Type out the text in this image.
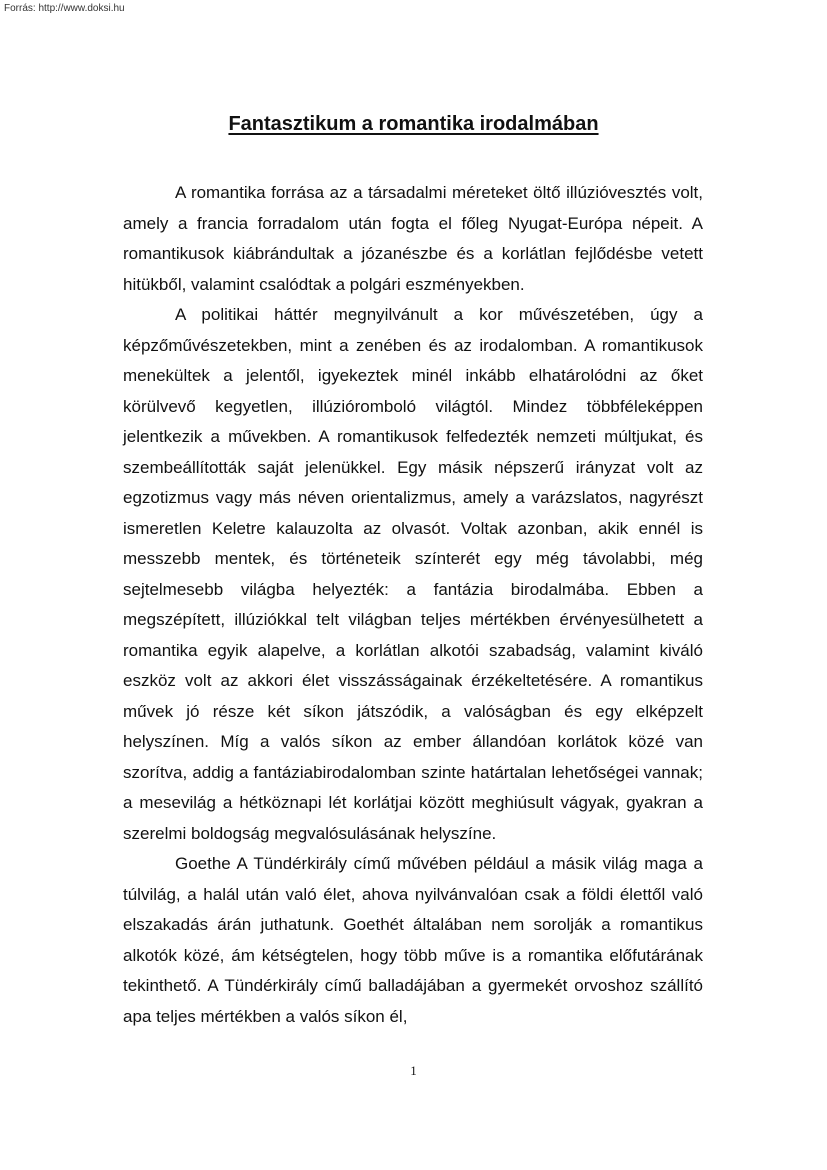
Forrás: http://www.doksi.hu
Fantasztikum a romantika irodalmában

A romantika forrása az a társadalmi méreteket öltő illúzióvesztés volt, amely a francia forradalom után fogta el főleg Nyugat-Európa népeit. A romantikusok kiábrándultak a józanészbe és a korlátlan fejlődésbe vetett hitükből, valamint csalódtak a polgári eszményekben.

A politikai háttér megnyilvánult a kor művészetében, úgy a képzőművészetekben, mint a zenében és az irodalomban. A romantikusok menekültek a jelentől, igyekeztek minél inkább elhatárolódni az őket körülvevő kegyetlen, illúzióromboló világtól. Mindez többféleképpen jelentkezik a művekben. A romantikusok felfedezték nemzeti múltjukat, és szembeállították saját jelenükkel. Egy másik népszerű irányzat volt az egzotizmus vagy más néven orientalizmus, amely a varázslatos, nagyrészt ismeretlen Keletre kalauzolta az olvasót. Voltak azonban, akik ennél is messzebb mentek, és történeteik színterét egy még távolabbi, még sejtelmesebb világba helyezték: a fantázia birodalmába. Ebben a megszépített, illúziókkal telt világban teljes mértékben érvényesülhetett a romantika egyik alapelve, a korlátlan alkotói szabadság, valamint kiváló eszköz volt az akkori élet visszásságainak érzékeltetésére. A romantikus művek jó része két síkon játszódik, a valóságban és egy elképzelt helyszínen. Míg a valós síkon az ember állandóan korlátok közé van szorítva, addig a fantáziabirodalomban szinte határtalan lehetőségei vannak; a mesevilág a hétköznapi lét korlátjai között meghiúsult vágyak, gyakran a szerelmi boldogság megvalósulásának helyszíne.

Goethe A Tündérkirály című művében például a másik világ maga a túlvilág, a halál után való élet, ahova nyilvánvalóan csak a földi élettől való elszakadás árán juthatunk. Goethét általában nem sorolják a romantikus alkotók közé, ám kétségtelen, hogy több műve is a romantika előfutárának tekinthető. A Tündérkirály című balladájában a gyermekét orvoshoz szállító apa teljes mértékben a valós síkon él,

1
